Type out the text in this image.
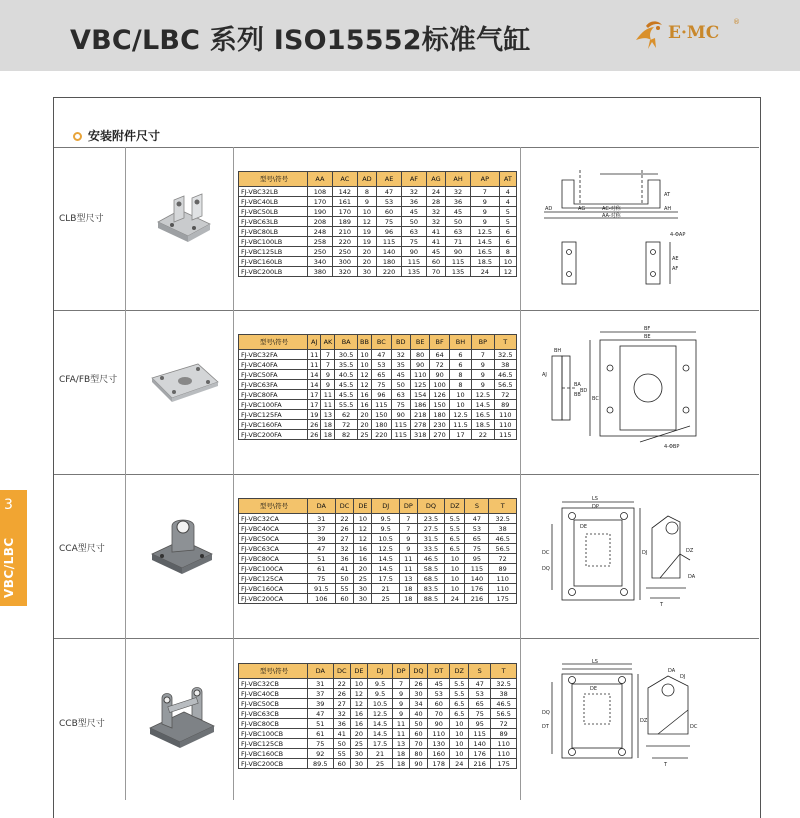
VBC/LBC 系列 ISO15552标准气缸	E·MC
®
3
VBC/LBC
安装附件尺寸
CLB型尺寸
CFA/FB型尺寸
CCA型尺寸
CCB型尺寸
型号\符号	AA	AC	AD	AE	AF	AG	AH	AP	AT
FJ-VBC32LB	108	142	8	47	32	24	32	7	4
FJ-VBC40LB	170	161	9	53	36	28	36	9	4
FJ-VBC50LB	190	170	10	60	45	32	45	9	5
FJ-VBC63LB	208	189	12	75	50	32	50	9	5
FJ-VBC80LB	248	210	19	96	63	41	63	12.5	6
FJ-VBC100LB	258	220	19	115	75	41	71	14.5	6
FJ-VBC125LB	250	250	20	140	90	45	90	16.5	8
FJ-VBC160LB	340	300	20	180	115	60	115	18.5	10
FJ-VBC200LB	380	320	30	220	135	70	135	24	12
型号\符号	AJ	AK	BA	BB	BC	BD	BE	BF	BH	BP	T
FJ-VBC32FA	11	7	30.5	10	47	32	80	64	6	7	32.5
FJ-VBC40FA	11	7	35.5	10	53	35	90	72	6	9	38
FJ-VBC50FA	14	9	40.5	12	65	45	110	90	8	9	46.5
FJ-VBC63FA	14	9	45.5	12	75	50	125	100	8	9	56.5
FJ-VBC80FA	17	11	45.5	16	96	63	154	126	10	12.5	72
FJ-VBC100FA	17	11	55.5	16	115	75	186	150	10	14.5	89
FJ-VBC125FA	19	13	62	20	150	90	218	180	12.5	16.5	110
FJ-VBC160FA	26	18	72	20	180	115	278	230	11.5	18.5	110
FJ-VBC200FA	26	18	82	25	220	115	318	270	17	22	115
型号\符号	DA	DC	DE	DJ	DP	DQ	DZ	S	T
FJ-VBC32CA	31	22	10	9.5	7	23.5	5.5	47	32.5
FJ-VBC40CA	37	26	12	9.5	7	27.5	5.5	53	38
FJ-VBC50CA	39	27	12	10.5	9	31.5	6.5	65	46.5
FJ-VBC63CA	47	32	16	12.5	9	33.5	6.5	75	56.5
FJ-VBC80CA	51	36	16	14.5	11	46.5	10	95	72
FJ-VBC100CA	61	41	20	14.5	11	58.5	10	115	89
FJ-VBC125CA	75	50	25	17.5	13	68.5	10	140	110
FJ-VBC160CA	91.5	55	30	21	18	83.5	10	176	110
FJ-VBC200CA	106	60	30	25	18	88.5	24	216	175
型号\符号	DA	DC	DE	DJ	DP	DQ	DT	DZ	S	T
FJ-VBC32CB	31	22	10	9.5	7	26	45	5.5	47	32.5
FJ-VBC40CB	37	26	12	9.5	9	30	53	5.5	53	38
FJ-VBC50CB	39	27	12	10.5	9	34	60	6.5	65	46.5
FJ-VBC63CB	47	32	16	12.5	9	40	70	6.5	75	56.5
FJ-VBC80CB	51	36	16	14.5	11	50	90	10	95	72
FJ-VBC100CB	61	41	20	14.5	11	60	110	10	115	89
FJ-VBC125CB	75	50	25	17.5	13	70	130	10	140	110
FJ-VBC160CB	92	55	30	21	18	80	160	10	176	110
FJ-VBC200CB	89.5	60	30	25	18	90	178	24	216	175
AD	AG	AC-对称
AA-对称
AT
AH
AE
AF
4-ΦAP
BH
AJ
BA
BB
BF
BE
BD
BC
4-ΦBP
LS
DP
DE
DC
DQ
DZ
DA
DJ
T
LS
DA
DJ
DE
DQ
DT
DZ
DC
T
